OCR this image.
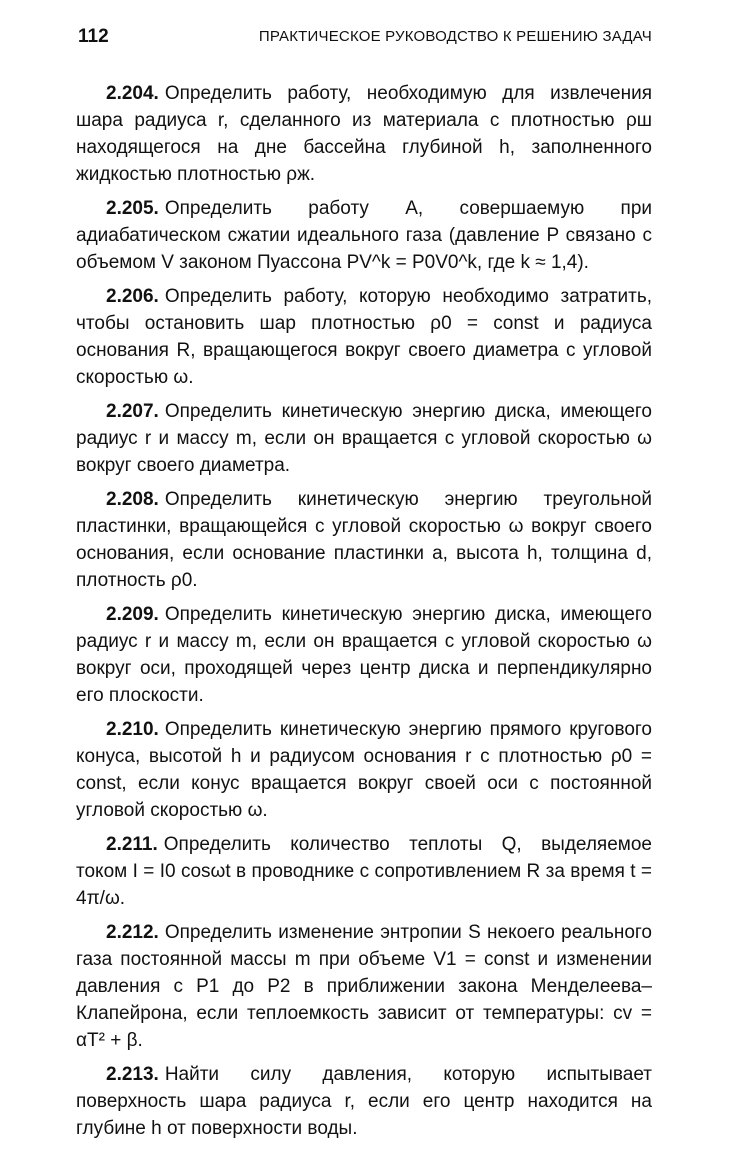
112	ПРАКТИЧЕСКОЕ РУКОВОДСТВО К РЕШЕНИЮ ЗАДАЧ

2.204. Определить работу, необходимую для извлечения шара радиуса r, сделанного из материала с плотностью ρш находящегося на дне бассейна глубиной h, заполненного жидкостью плотностью ρж.

2.205. Определить работу A, совершаемую при адиабатическом сжатии идеального газа (давление P связано с объемом V законом Пуассона PV^k = P0V0^k, где k ≈ 1,4).

2.206. Определить работу, которую необходимо затратить, чтобы остановить шар плотностью ρ0 = const и радиуса основания R, вращающегося вокруг своего диаметра с угловой скоростью ω.

2.207. Определить кинетическую энергию диска, имеющего радиус r и массу m, если он вращается с угловой скоростью ω вокруг своего диаметра.

2.208. Определить кинетическую энергию треугольной пластинки, вращающейся с угловой скоростью ω вокруг своего основания, если основание пластинки a, высота h, толщина d, плотность ρ0.

2.209. Определить кинетическую энергию диска, имеющего радиус r и массу m, если он вращается с угловой скоростью ω вокруг оси, проходящей через центр диска и перпендикулярно его плоскости.

2.210. Определить кинетическую энергию прямого кругового конуса, высотой h и радиусом основания r с плотностью ρ0 = const, если конус вращается вокруг своей оси с постоянной угловой скоростью ω.

2.211. Определить количество теплоты Q, выделяемое током I = I0 cosωt в проводнике с сопротивлением R за время t = 4π/ω.

2.212. Определить изменение энтропии S некоего реального газа постоянной массы m при объеме V1 = const и изменении давления с P1 до P2 в приближении закона Менделеева–Клапейрона, если теплоемкость зависит от температуры: cv = αT² + β.

2.213. Найти силу давления, которую испытывает поверхность шара радиуса r, если его центр находится на глубине h от поверхности воды.
